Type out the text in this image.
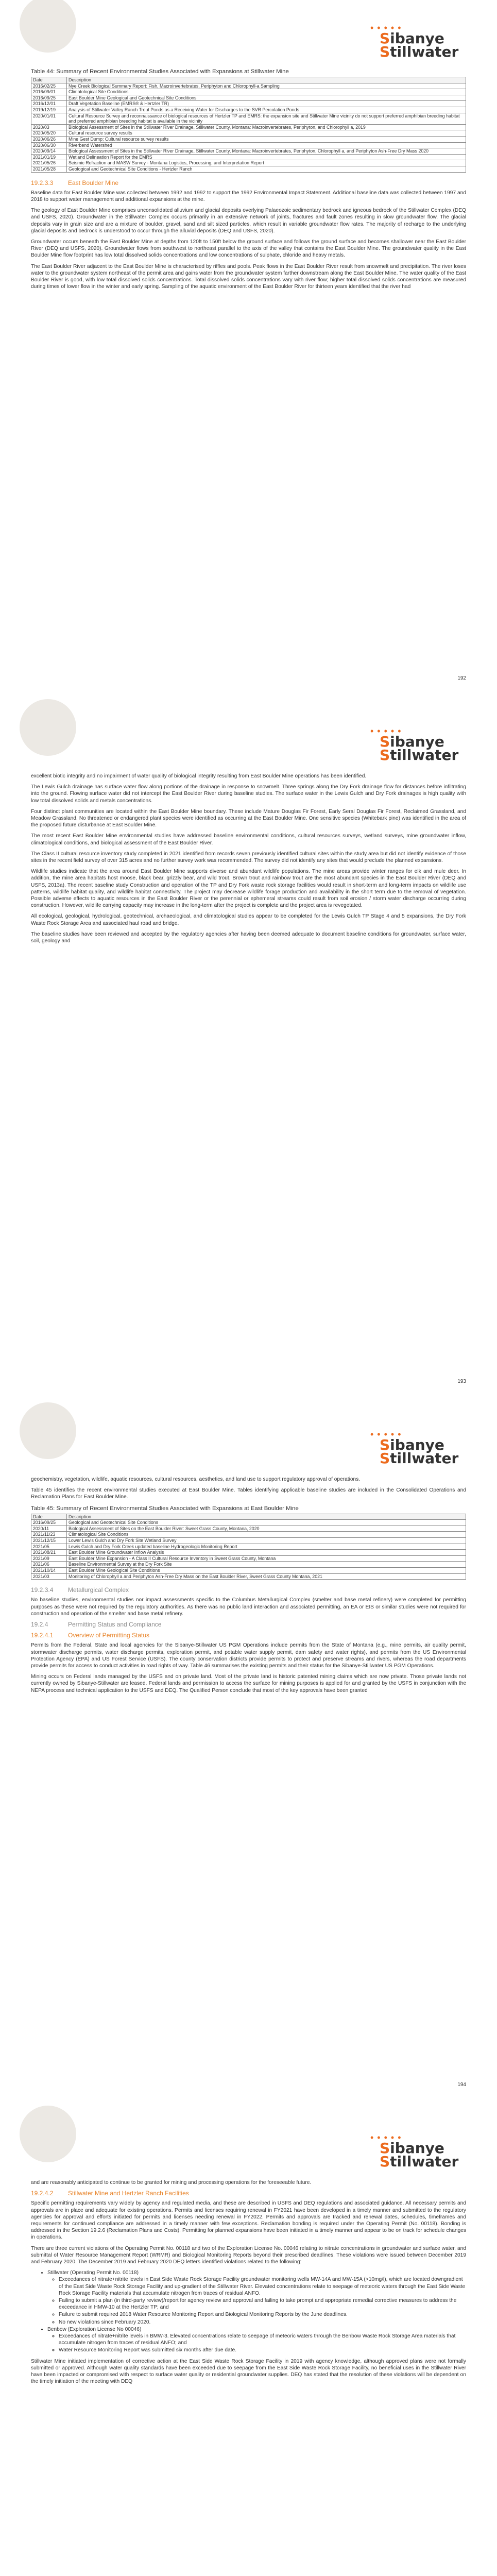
• • • • •
Sibanye
Stillwater
Table 44: Summary of Recent Environmental Studies Associated with Expansions at Stillwater Mine
Date	Description
2016/02/25	Nye Creek Biological Summary Report: Fish, Macroinvertebrates, Periphyton and Chlorophyll-a Sampling
2016/09/01	Climatological Site Conditions
2016/09/25	East Boulder Mine Geological and Geotechnical Site Conditions
2016/12/01	Draft Vegetation Baseline (EMRS® & Hertzler TR)
2019/12/19	Analysis of Stillwater Valley Ranch Trout Ponds as a Receiving Water for Discharges to the SVR Percolation Ponds
2020/01/01	Cultural Resource Survey and reconnaissance of biological resources of Hertzler TP and EMRS: the expansion site and Stillwater Mine vicinity do not support preferred amphibian breeding habitat and preferred amphibian breeding habitat is available in the vicinity
2020/03	Biological Assessment of Sites in the Stillwater River Drainage, Stillwater County, Montana: Macroinvertebrates, Periphyton, and Chlorophyll a, 2019
2020/05/20	Cultural resource survey results
2020/06/26	Mine Gest Dump; Cultural resource survey results
2020/06/30	Riverbend Watershed
2020/09/14	Biological Assessment of Sites in the Stillwater River Drainage, Stillwater County, Montana: Macroinvertebrates, Periphyton, Chlorophyll a, and Periphyton Ash-Free Dry Mass 2020
2021/01/19	Wetland Delineation Report for the EMRS
2021/05/26	Seismic Refraction and MASW Survey - Montana Logistics, Processing, and Interpretation Report
2021/05/28	Geological and Geotechnical Site Conditions - Hertzler Ranch
19.2.3.3 East Boulder Mine

Baseline data for East Boulder Mine was collected between 1992 and 1992 to support the 1992 Environmental Impact Statement. Additional baseline data was collected between 1997 and 2018 to support water management and additional expansions at the mine.

The geology of East Boulder Mine comprises unconsolidated alluvium and glacial deposits overlying Palaeozoic sedimentary bedrock and igneous bedrock of the Stillwater Complex (DEQ and USFS, 2020). Groundwater in the Stillwater Complex occurs primarily in an extensive network of joints, fractures and fault zones resulting in slow groundwater flow. The glacial deposits vary in grain size and are a mixture of boulder, gravel, sand and silt sized particles, which result in variable groundwater flow rates. The majority of recharge to the underlying glacial deposits and bedrock is understood to occur through the alluvial deposits (DEQ and USFS, 2020).

Groundwater occurs beneath the East Boulder Mine at depths from 120ft to 150ft below the ground surface and follows the ground surface and becomes shallower near the East Boulder River (DEQ and USFS, 2020). Groundwater flows from southwest to northeast parallel to the axis of the valley that contains the East Boulder Mine. The groundwater quality in the East Boulder Mine flow footprint has low total dissolved solids concentrations and low concentrations of sulphate, chloride and heavy metals.

The East Boulder River adjacent to the East Boulder Mine is characterised by riffles and pools. Peak flows in the East Boulder River result from snowmelt and precipitation. The river loses water to the groundwater system northeast of the permit area and gains water from the groundwater system farther downstream along the East Boulder Mine. The water quality of the East Boulder River is good, with low total dissolved solids concentrations. Total dissolved solids concentrations vary with river flow; higher total dissolved solids concentrations are measured during times of lower flow in the winter and early spring. Sampling of the aquatic environment of the East Boulder River for thirteen years identified that the river had

192
• • • • •
Sibanye
Stillwater

excellent biotic integrity and no impairment of water quality of biological integrity resulting from East Boulder Mine operations has been identified.

The Lewis Gulch drainage has surface water flow along portions of the drainage in response to snowmelt. Three springs along the Dry Fork drainage flow for distances before infiltrating into the ground. Flowing surface water did not intercept the East Boulder River during baseline studies. The surface water in the Lewis Gulch and Dry Fork drainages is high quality with low total dissolved solids and metals concentrations.

Four distinct plant communities are located within the East Boulder Mine boundary. These include Mature Douglas Fir Forest, Early Seral Douglas Fir Forest, Reclaimed Grassland, and Meadow Grassland. No threatened or endangered plant species were identified as occurring at the East Boulder Mine. One sensitive species (Whitebark pine) was identified in the area of the proposed future disturbance at East Boulder Mine.

The most recent East Boulder Mine environmental studies have addressed baseline environmental conditions, cultural resources surveys, wetland surveys, mine groundwater inflow, climatological conditions, and biological assessment of the East Boulder River.

The Class II cultural resource inventory study completed in 2021 identified from records seven previously identified cultural sites within the study area but did not identify evidence of those sites in the recent field survey of over 315 acres and no further survey work was recommended. The survey did not identify any sites that would preclude the planned expansions.

Wildlife studies indicate that the area around East Boulder Mine supports diverse and abundant wildlife populations. The mine areas provide winter ranges for elk and mule deer. In addition, the mine area habitats host moose, black bear, grizzly bear, and wild trout. Brown trout and rainbow trout are the most abundant species in the East Boulder River (DEQ and USFS, 2013a). The recent baseline study Construction and operation of the TP and Dry Fork waste rock storage facilities would result in short-term and long-term impacts on wildlife use patterns, wildlife habitat quality, and wildlife habitat connectivity. The project may decrease wildlife forage production and availability in the short term due to the removal of vegetation. Possible adverse effects to aquatic resources in the East Boulder River or the perennial or ephemeral streams could result from soil erosion / storm water discharge occurring during construction. However, wildlife carrying capacity may increase in the long-term after the project is complete and the project area is revegetated.

All ecological, geological, hydrological, geotechnical, archaeological, and climatological studies appear to be completed for the Lewis Gulch TP Stage 4 and 5 expansions, the Dry Fork Waste Rock Storage Area and associated haul road and bridge.

The baseline studies have been reviewed and accepted by the regulatory agencies after having been deemed adequate to document baseline conditions for groundwater, surface water, soil, geology and

193
• • • • •
Sibanye
Stillwater

geochemistry, vegetation, wildlife, aquatic resources, cultural resources, aesthetics, and land use to support regulatory approval of operations.

Table 45 identifies the recent environmental studies executed at East Boulder Mine. Tables identifying applicable baseline studies are included in the Consolidated Operations and Reclamation Plans for East Boulder Mine.

Table 45: Summary of Recent Environmental Studies Associated with Expansions at East Boulder Mine
Date	Description
2016/09/25	Geological and Geotechnical Site Conditions
2020/11	Biological Assessment of Sites on the East Boulder River: Sweet Grass County, Montana, 2020
2021/11/23	Climatological Site Conditions
2021/12/15	Lower Lewis Gulch and Dry Fork Site Wetland Survey
2021/05	Lewis Gulch and Dry Fork Creek updated baseline Hydrogeologic Monitoring Report
2021/08/21	East Boulder Mine Groundwater Inflow Analysis
2021/09	East Boulder Mine Expansion - A Class II Cultural Resource Inventory in Sweet Grass County, Montana
2021/06	Baseline Environmental Survey at the Dry Fork Site
2021/10/14	East Boulder Mine Geological Site Conditions
2021/03	Monitoring of Chlorophyll a and Periphyton Ash-Free Dry Mass on the East Boulder River, Sweet Grass County Montana, 2021
19.2.3.4 Metallurgical Complex

No baseline studies, environmental studies nor impact assessments specific to the Columbus Metallurgical Complex (smelter and base metal refinery) were completed for permitting purposes as these were not required by the regulatory authorities. As there was no public land interaction and associated permitting, an EA or EIS or similar studies were not required for construction and operation of the smelter and base metal refinery.

19.2.4	Permitting Status and Compliance
19.2.4.1 Overview of Permitting Status

Permits from the Federal, State and local agencies for the Sibanye-Stillwater US PGM Operations include permits from the State of Montana (e.g., mine permits, air quality permit, stormwater discharge permits, water discharge permits, exploration permit, and potable water supply permit, dam safety and water rights), and permits from the US Environmental Protection Agency (EPA) and US Forest Service (USFS). The county conservation districts provide permits to protect and preserve streams and rivers, whereas the road departments provide permits for access to conduct activities in road rights of way. Table 46 summarises the existing permits and their status for the Sibanye-Stillwater US PGM Operations.

Mining occurs on Federal lands managed by the USFS and on private land. Most of the private land is historic patented mining claims which are now private. Those private lands not currently owned by Sibanye-Stillwater are leased. Federal lands and permission to access the surface for mining purposes is applied for and granted by the USFS in conjunction with the NEPA process and technical application to the USFS and DEQ. The Qualified Person conclude that most of the key approvals have been granted

194
• • • • •
Sibanye
Stillwater

and are reasonably anticipated to continue to be granted for mining and processing operations for the foreseeable future.

19.2.4.2 Stillwater Mine and Hertzler Ranch Facilities

Specific permitting requirements vary widely by agency and regulated media, and these are described in USFS and DEQ regulations and associated guidance. All necessary permits and approvals are in place and adequate for existing operations. Permits and licenses requiring renewal in FY2021 have been developed in a timely manner and submitted to the regulatory agencies for approval and efforts initiated for permits and licenses needing renewal in FY2022. Permits and approvals are tracked and renewal dates, schedules, timeframes and requirements for continued compliance are addressed in a timely manner with few exceptions. Reclamation bonding is required under the Operating Permit (No. 00118). Bonding is addressed in the Section 19.2.6 (Reclamation Plans and Costs). Permitting for planned expansions have been initiated in a timely manner and appear to be on track for schedule changes in operations.

There are three current violations of the Operating Permit No. 00118 and two of the Exploration License No. 00046 relating to nitrate concentrations in groundwater and surface water, and submittal of Water Resource Management Report (WRMR) and Biological Monitoring Reports beyond their prescribed deadlines. These violations were issued between December 2019 and February 2020. The December 2019 and February 2020 DEQ letters identified violations related to the following:

• Stillwater (Operating Permit No. 00118)
◦ Exceedances of nitrate+nitrite levels in East Side Waste Rock Storage Facility groundwater monitoring wells MW-14A and MW-15A (>10mg/l), which are located downgradient of the East Side Waste Rock Storage Facility and up-gradient of the Stillwater River. Elevated concentrations relate to seepage of meteoric waters through the East Side Waste Rock Storage Facility materials that accumulate nitrogen from traces of residual ANFO.
◦ Failing to submit a plan (in third-party review)/report for agency review and approval and failing to take prompt and appropriate remedial corrective measures to address the exceedance in HMW-10 at the Hertzler TP; and
◦ Failure to submit required 2018 Water Resource Monitoring Report and Biological Monitoring Reports by the June deadlines.
◦ No new violations since February 2020.
• Benbow (Exploration License No 00046)
◦ Exceedances of nitrate+nitrite levels in BMW-3. Elevated concentrations relate to seepage of meteoric waters through the Benbow Waste Rock Storage Area materials that accumulate nitrogen from traces of residual ANFO; and
◦ Water Resource Monitoring Report was submitted six months after due date.

Stillwater Mine initiated implementation of corrective action at the East Side Waste Rock Storage Facility in 2019 with agency knowledge, although approved plans were not formally submitted or approved. Although water quality standards have been exceeded due to seepage from the East Side Waste Rock Storage Facility, no beneficial uses in the Stillwater River have been impacted or compromised with respect to surface water quality or residential groundwater supplies. DEQ has stated that the resolution of these violations will be dependent on the timely initiation of the meeting with DEQ
